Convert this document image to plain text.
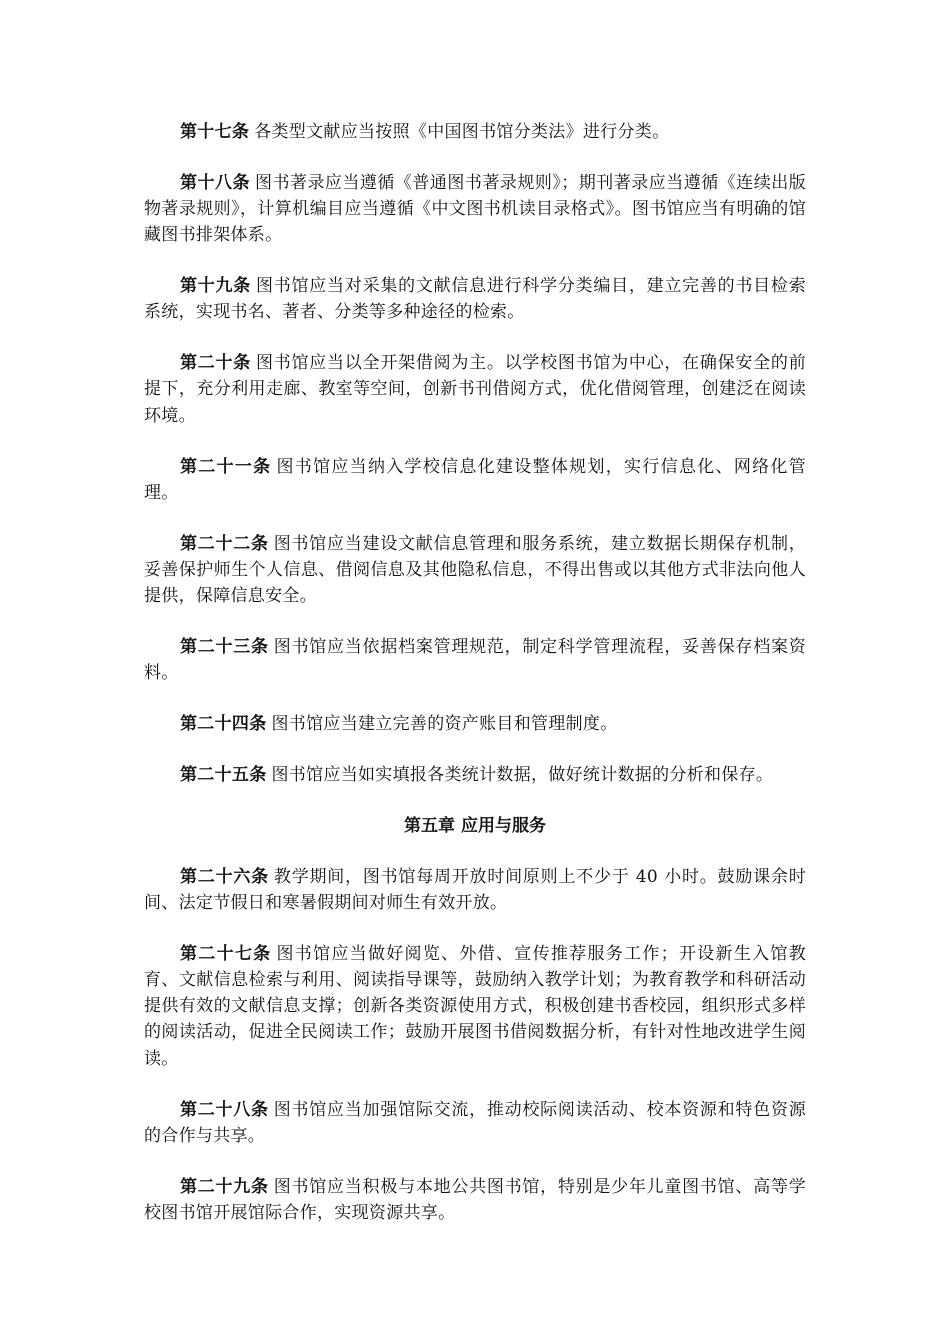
第十七条 各类型文献应当按照《中国图书馆分类法》进行分类。

第十八条 图书著录应当遵循《普通图书著录规则》；期刊著录应当遵循《连续出版物著录规则》，计算机编目应当遵循《中文图书机读目录格式》。图书馆应当有明确的馆藏图书排架体系。

第十九条 图书馆应当对采集的文献信息进行科学分类编目，建立完善的书目检索系统，实现书名、著者、分类等多种途径的检索。

第二十条 图书馆应当以全开架借阅为主。以学校图书馆为中心，在确保安全的前提下，充分利用走廊、教室等空间，创新书刊借阅方式，优化借阅管理，创建泛在阅读环境。

第二十一条 图书馆应当纳入学校信息化建设整体规划，实行信息化、网络化管理。

第二十二条 图书馆应当建设文献信息管理和服务系统，建立数据长期保存机制，妥善保护师生个人信息、借阅信息及其他隐私信息，不得出售或以其他方式非法向他人提供，保障信息安全。

第二十三条 图书馆应当依据档案管理规范，制定科学管理流程，妥善保存档案资料。

第二十四条 图书馆应当建立完善的资产账目和管理制度。

第二十五条 图书馆应当如实填报各类统计数据，做好统计数据的分析和保存。

第五章 应用与服务

第二十六条 教学期间，图书馆每周开放时间原则上不少于 40 小时。鼓励课余时间、法定节假日和寒暑假期间对师生有效开放。

第二十七条 图书馆应当做好阅览、外借、宣传推荐服务工作；开设新生入馆教育、文献信息检索与利用、阅读指导课等，鼓励纳入教学计划；为教育教学和科研活动提供有效的文献信息支撑；创新各类资源使用方式，积极创建书香校园，组织形式多样的阅读活动，促进全民阅读工作；鼓励开展图书借阅数据分析，有针对性地改进学生阅读。

第二十八条 图书馆应当加强馆际交流，推动校际阅读活动、校本资源和特色资源的合作与共享。

第二十九条 图书馆应当积极与本地公共图书馆，特别是少年儿童图书馆、高等学校图书馆开展馆际合作，实现资源共享。
